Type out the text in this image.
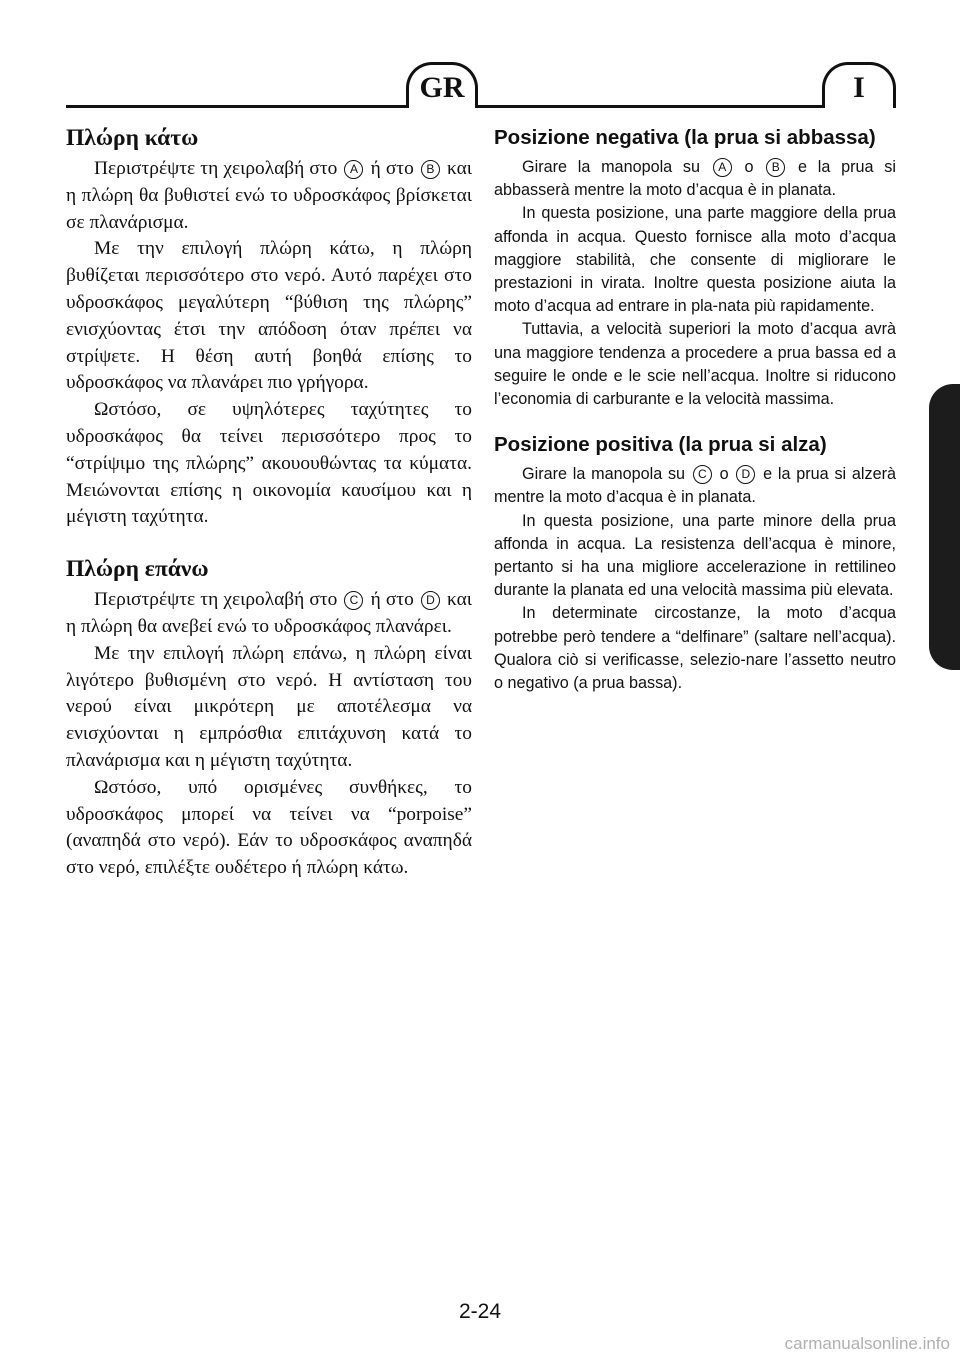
GR	I
Πλώρη κάτω

Περιστρέψτε τη χειρολαβή στο A ή στο B και η πλώρη θα βυθιστεί ενώ το υδροσκάφος βρίσκεται σε πλανάρισμα.

Με την επιλογή πλώρη κάτω, η πλώρη βυθίζεται περισσότερο στο νερό. Αυτό παρέχει στο υδροσκάφος μεγαλύτερη “βύθιση της πλώρης” ενισχύοντας έτσι την απόδοση όταν πρέπει να στρίψετε. Η θέση αυτή βοηθά επίσης το υδροσκάφος να πλανάρει πιο γρήγορα.

Ωστόσο, σε υψηλότερες ταχύτητες το υδροσκάφος θα τείνει περισσότερο προς το “στρίψιμο της πλώρης” ακουουθώντας τα κύματα. Μειώνονται επίσης η οικονομία καυσίμου και η μέγιστη ταχύτητα.

Πλώρη επάνω

Περιστρέψτε τη χειρολαβή στο C ή στο D και η πλώρη θα ανεβεί ενώ το υδροσκάφος πλανάρει.

Με την επιλογή πλώρη επάνω, η πλώρη είναι λιγότερο βυθισμένη στο νερό. Η αντίσταση του νερού είναι μικρότερη με αποτέλεσμα να ενισχύονται η εμπρόσθια επιτάχυνση κατά το πλανάρισμα και η μέγιστη ταχύτητα.

Ωστόσο, υπό ορισμένες συνθήκες, το υδροσκάφος μπορεί να τείνει να “porpoise” (αναπηδά στο νερό). Εάν το υδροσκάφος αναπηδά στο νερό, επιλέξτε ουδέτερο ή πλώρη κάτω.

Posizione negativa (la prua si abbassa)

Girare la manopola su A o B e la prua si abbasserà mentre la moto d’acqua è in planata.

In questa posizione, una parte maggiore della prua affonda in acqua. Questo fornisce alla moto d’acqua maggiore stabilità, che consente di migliorare le prestazioni in virata. Inoltre questa posizione aiuta la moto d’acqua ad entrare in pla-nata più rapidamente.

Tuttavia, a velocità superiori la moto d’acqua avrà una maggiore tendenza a procedere a prua bassa ed a seguire le onde e le scie nell’acqua. Inoltre si riducono l’economia di carburante e la velocità massima.

Posizione positiva (la prua si alza)

Girare la manopola su C o D e la prua si alzerà mentre la moto d’acqua è in planata.

In questa posizione, una parte minore della prua affonda in acqua. La resistenza dell’acqua è minore, pertanto si ha una migliore accelerazione in rettilineo durante la planata ed una velocità massima più elevata.

In determinate circostanze, la moto d’acqua potrebbe però tendere a “delfinare” (saltare nell’acqua). Qualora ciò si verificasse, selezio-nare l’assetto neutro o negativo (a prua bassa).

2-24
carmanualsonline.info
